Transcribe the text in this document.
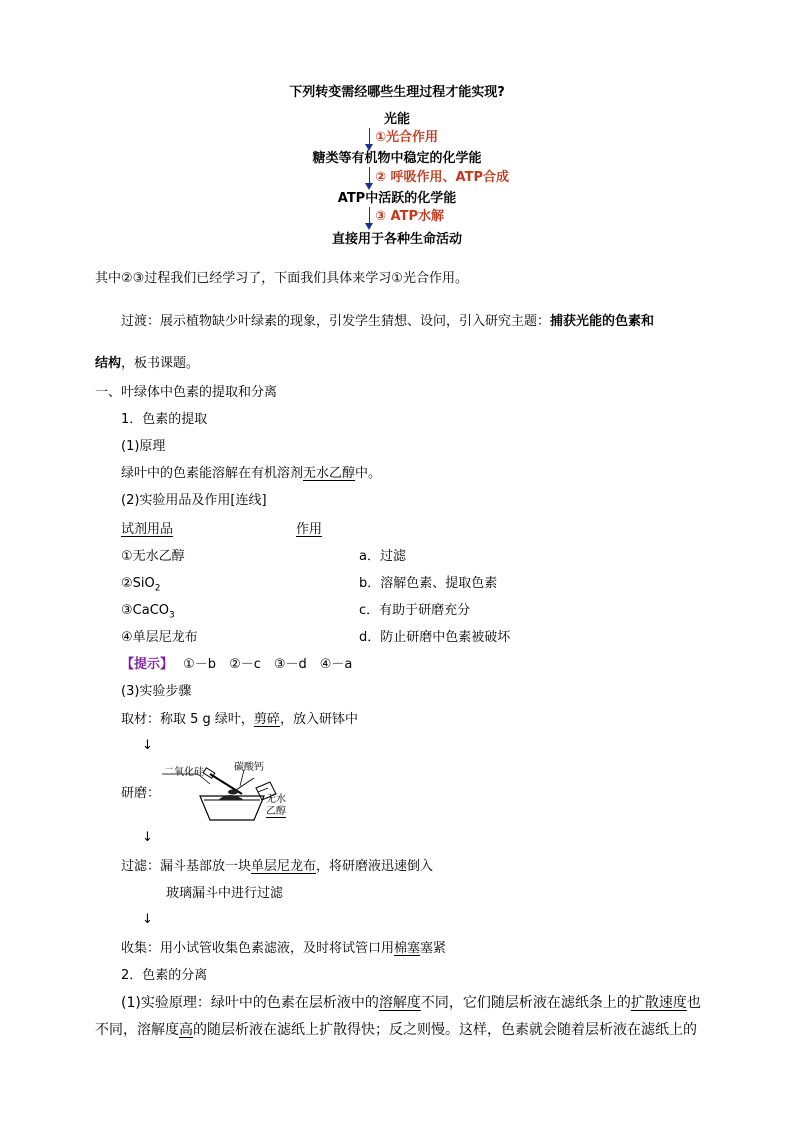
下列转变需经哪些生理过程才能实现?
光能
①光合作用
糖类等有机物中稳定的化学能
② 呼吸作用、ATP合成
ATP中活跃的化学能
③ ATP水解
直接用于各种生命活动
其中②③过程我们已经学习了，下面我们具体来学习①光合作用。
过渡：展示植物缺少叶绿素的现象，引发学生猜想、设问，引入研究主题：捕获光能的色素和
结构，板书课题。
一、叶绿体中色素的提取和分离
1．色素的提取
(1)原理
绿叶中的色素能溶解在有机溶剂无水乙醇中。
(2)实验用品及作用[连线]
试剂用品	作用
①无水乙醇	a．过滤
②SiO$_2$	b．溶解色素、提取色素
③CaCO$_3$	c．有助于研磨充分
④单层尼龙布	d．防止研磨中色素被破坏
【提示】 ①－b　②－c　③－d　④－a
(3)实验步骤
取材：称取 5 g 绿叶，剪碎，放入研钵中
↓
研磨：
二氧化硅	碳酸钙
无水
乙醇
↓
过滤：漏斗基部放一块单层尼龙布，将研磨液迅速倒入
玻璃漏斗中进行过滤
↓
收集：用小试管收集色素滤液，及时将试管口用棉塞塞紧
2．色素的分离
(1)实验原理：绿叶中的色素在层析液中的溶解度不同，它们随层析液在滤纸条上的扩散速度也
不同，溶解度高的随层析液在滤纸上扩散得快；反之则慢。这样，色素就会随着层析液在滤纸上的
